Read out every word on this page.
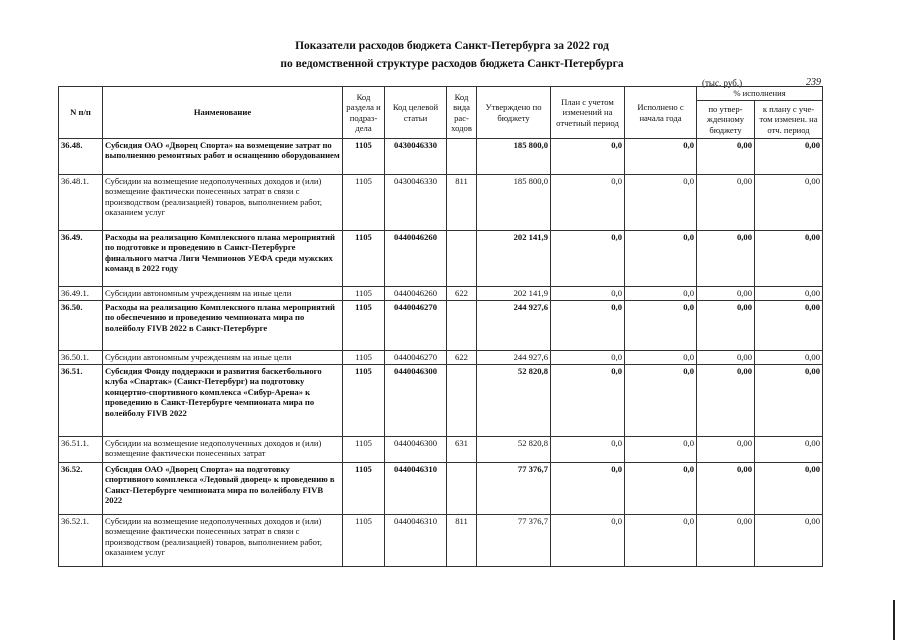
Показатели расходов бюджета Санкт-Петербурга за 2022 год
по ведомственной структуре расходов бюджета Санкт-Петербурга
(тыс. руб.)	239
N п/п	Наименование	Код раздела и подраз-дела	Код целевой статьи	Код вида рас-ходов	Утверждено по бюджету	План с учетом изменений на отчетный период	Исполнено с начала года	% исполнения	
								по утвер-жденному бюджету	к плану с уче-том изменен. на отч. период
36.48.	Субсидия ОАО «Дворец Спорта» на возмещение затрат по выполнению ремонтных работ и оснащению оборудованием	1105	0430046330		185 800,0	0,0	0,0	0,00	0,00
36.48.1.	Субсидии на возмещение недополученных доходов и (или) возмещение фактически понесенных затрат в связи с производством (реализацией) товаров, выполнением работ, оказанием услуг	1105	0430046330	811	185 800,0	0,0	0,0	0,00	0,00
36.49.	Расходы на реализацию Комплексного плана мероприятий по подготовке и проведению в Санкт-Петербурге финального матча Лиги Чемпионов УЕФА среди мужских команд в 2022 году	1105	0440046260		202 141,9	0,0	0,0	0,00	0,00
36.49.1.	Субсидии автономным учреждениям на иные цели	1105	0440046260	622	202 141,9	0,0	0,0	0,00	0,00
36.50.	Расходы на реализацию Комплексного плана мероприятий по обеспечению и проведению чемпионата мира по волейболу FIVB 2022 в Санкт-Петербурге	1105	0440046270		244 927,6	0,0	0,0	0,00	0,00
36.50.1.	Субсидии автономным учреждениям на иные цели	1105	0440046270	622	244 927,6	0,0	0,0	0,00	0,00
36.51.	Субсидия Фонду поддержки и развития баскетбольного клуба «Спартак» (Санкт-Петербург) на подготовку концертно-спортивного комплекса «Сибур-Арена» к проведению в Санкт-Петербурге чемпионата мира по волейболу FIVB 2022	1105	0440046300		52 820,8	0,0	0,0	0,00	0,00
36.51.1.	Субсидии на возмещение недополученных доходов и (или) возмещение фактически понесенных затрат	1105	0440046300	631	52 820,8	0,0	0,0	0,00	0,00
36.52.	Субсидия ОАО «Дворец Спорта» на подготовку спортивного комплекса «Ледовый дворец» к проведению в Санкт-Петербурге чемпионата мира по волейболу FIVB 2022	1105	0440046310		77 376,7	0,0	0,0	0,00	0,00
36.52.1.	Субсидии на возмещение недополученных доходов и (или) возмещение фактически понесенных затрат в связи с производством (реализацией) товаров, выполнением работ, оказанием услуг	1105	0440046310	811	77 376,7	0,0	0,0	0,00	0,00
